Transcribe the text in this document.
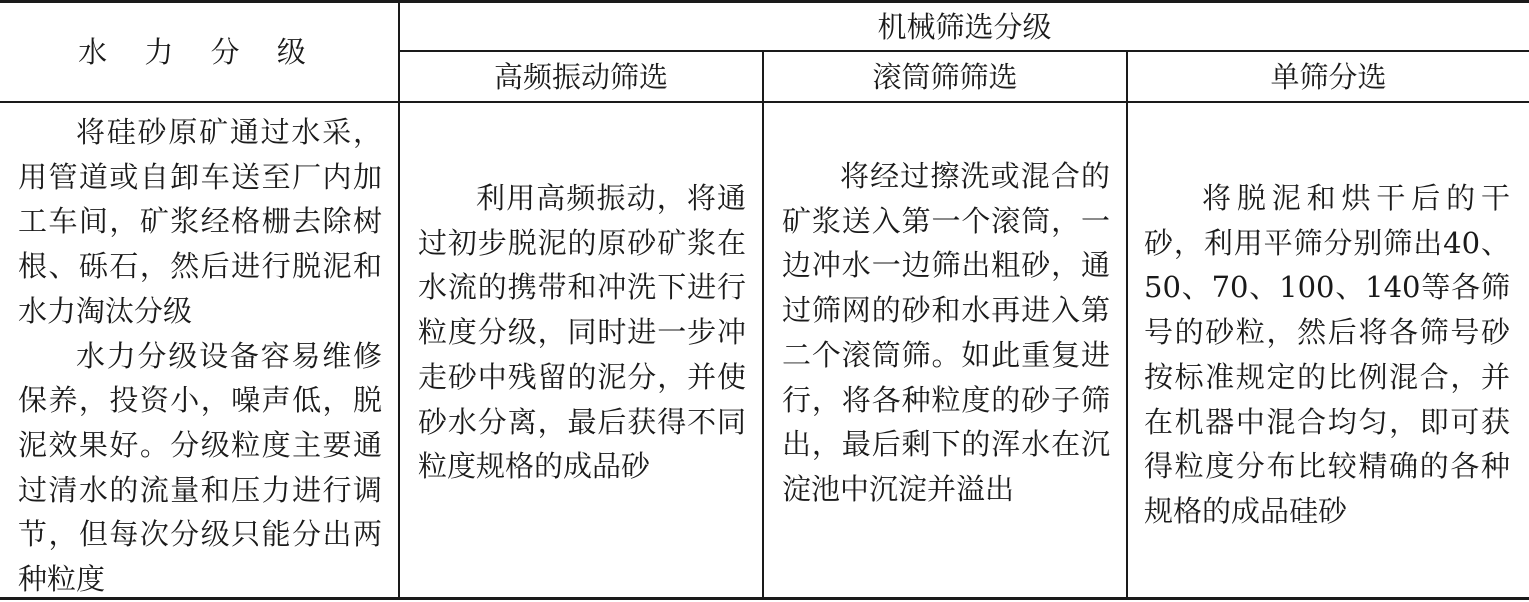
水 力 分 级
机械筛选分级
高频振动筛选	滚筒筛筛选	单筛分选

将硅砂原矿通过水采，用管道或自卸车送至厂内加工车间，矿浆经格栅去除树根、砾石，然后进行脱泥和水力淘汰分级

水力分级设备容易维修保养，投资小，噪声低，脱泥效果好。分级粒度主要通过清水的流量和压力进行调节，但每次分级只能分出两种粒度

利用高频振动，将通过初步脱泥的原砂矿浆在水流的携带和冲洗下进行粒度分级，同时进一步冲走砂中残留的泥分，并使砂水分离，最后获得不同粒度规格的成品砂

将经过擦洗或混合的矿浆送入第一个滚筒，一边冲水一边筛出粗砂，通过筛网的砂和水再进入第二个滚筒筛。如此重复进行，将各种粒度的砂子筛出，最后剩下的浑水在沉淀池中沉淀并溢出

将脱泥和烘干后的干砂，利用平筛分别筛出40、50、70、100、140等各筛号的砂粒，然后将各筛号砂按标准规定的比例混合，并在机器中混合均匀，即可获得粒度分布比较精确的各种规格的成品硅砂
